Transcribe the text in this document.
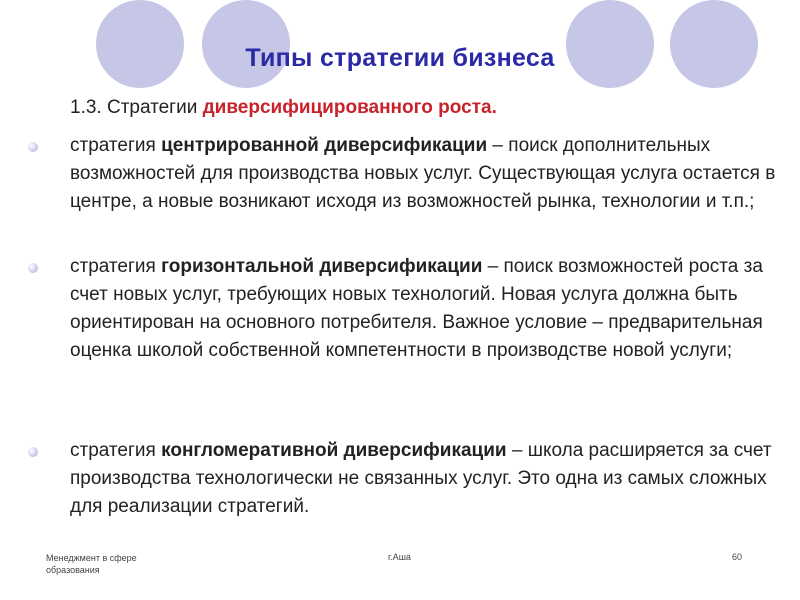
Типы стратегии бизнеса
1.3. Стратегии диверсифицированного роста.
стратегия центрированной диверсификации – поиск дополнительных возможностей для производства новых услуг. Существующая услуга остается в центре, а новые возникают исходя из возможностей рынка, технологии и т.п.;
стратегия горизонтальной диверсификации – поиск возможностей роста за счет новых услуг, требующих новых технологий. Новая услуга должна быть ориентирован на основного потребителя. Важное условие – предварительная оценка школой собственной компетентности в производстве новой услуги;
стратегия конгломеративной диверсификации – школа расширяется за счет производства технологически не связанных услуг. Это одна из самых сложных для реализации стратегий.
Менеджмент в сфере образования
г.Аша	60
